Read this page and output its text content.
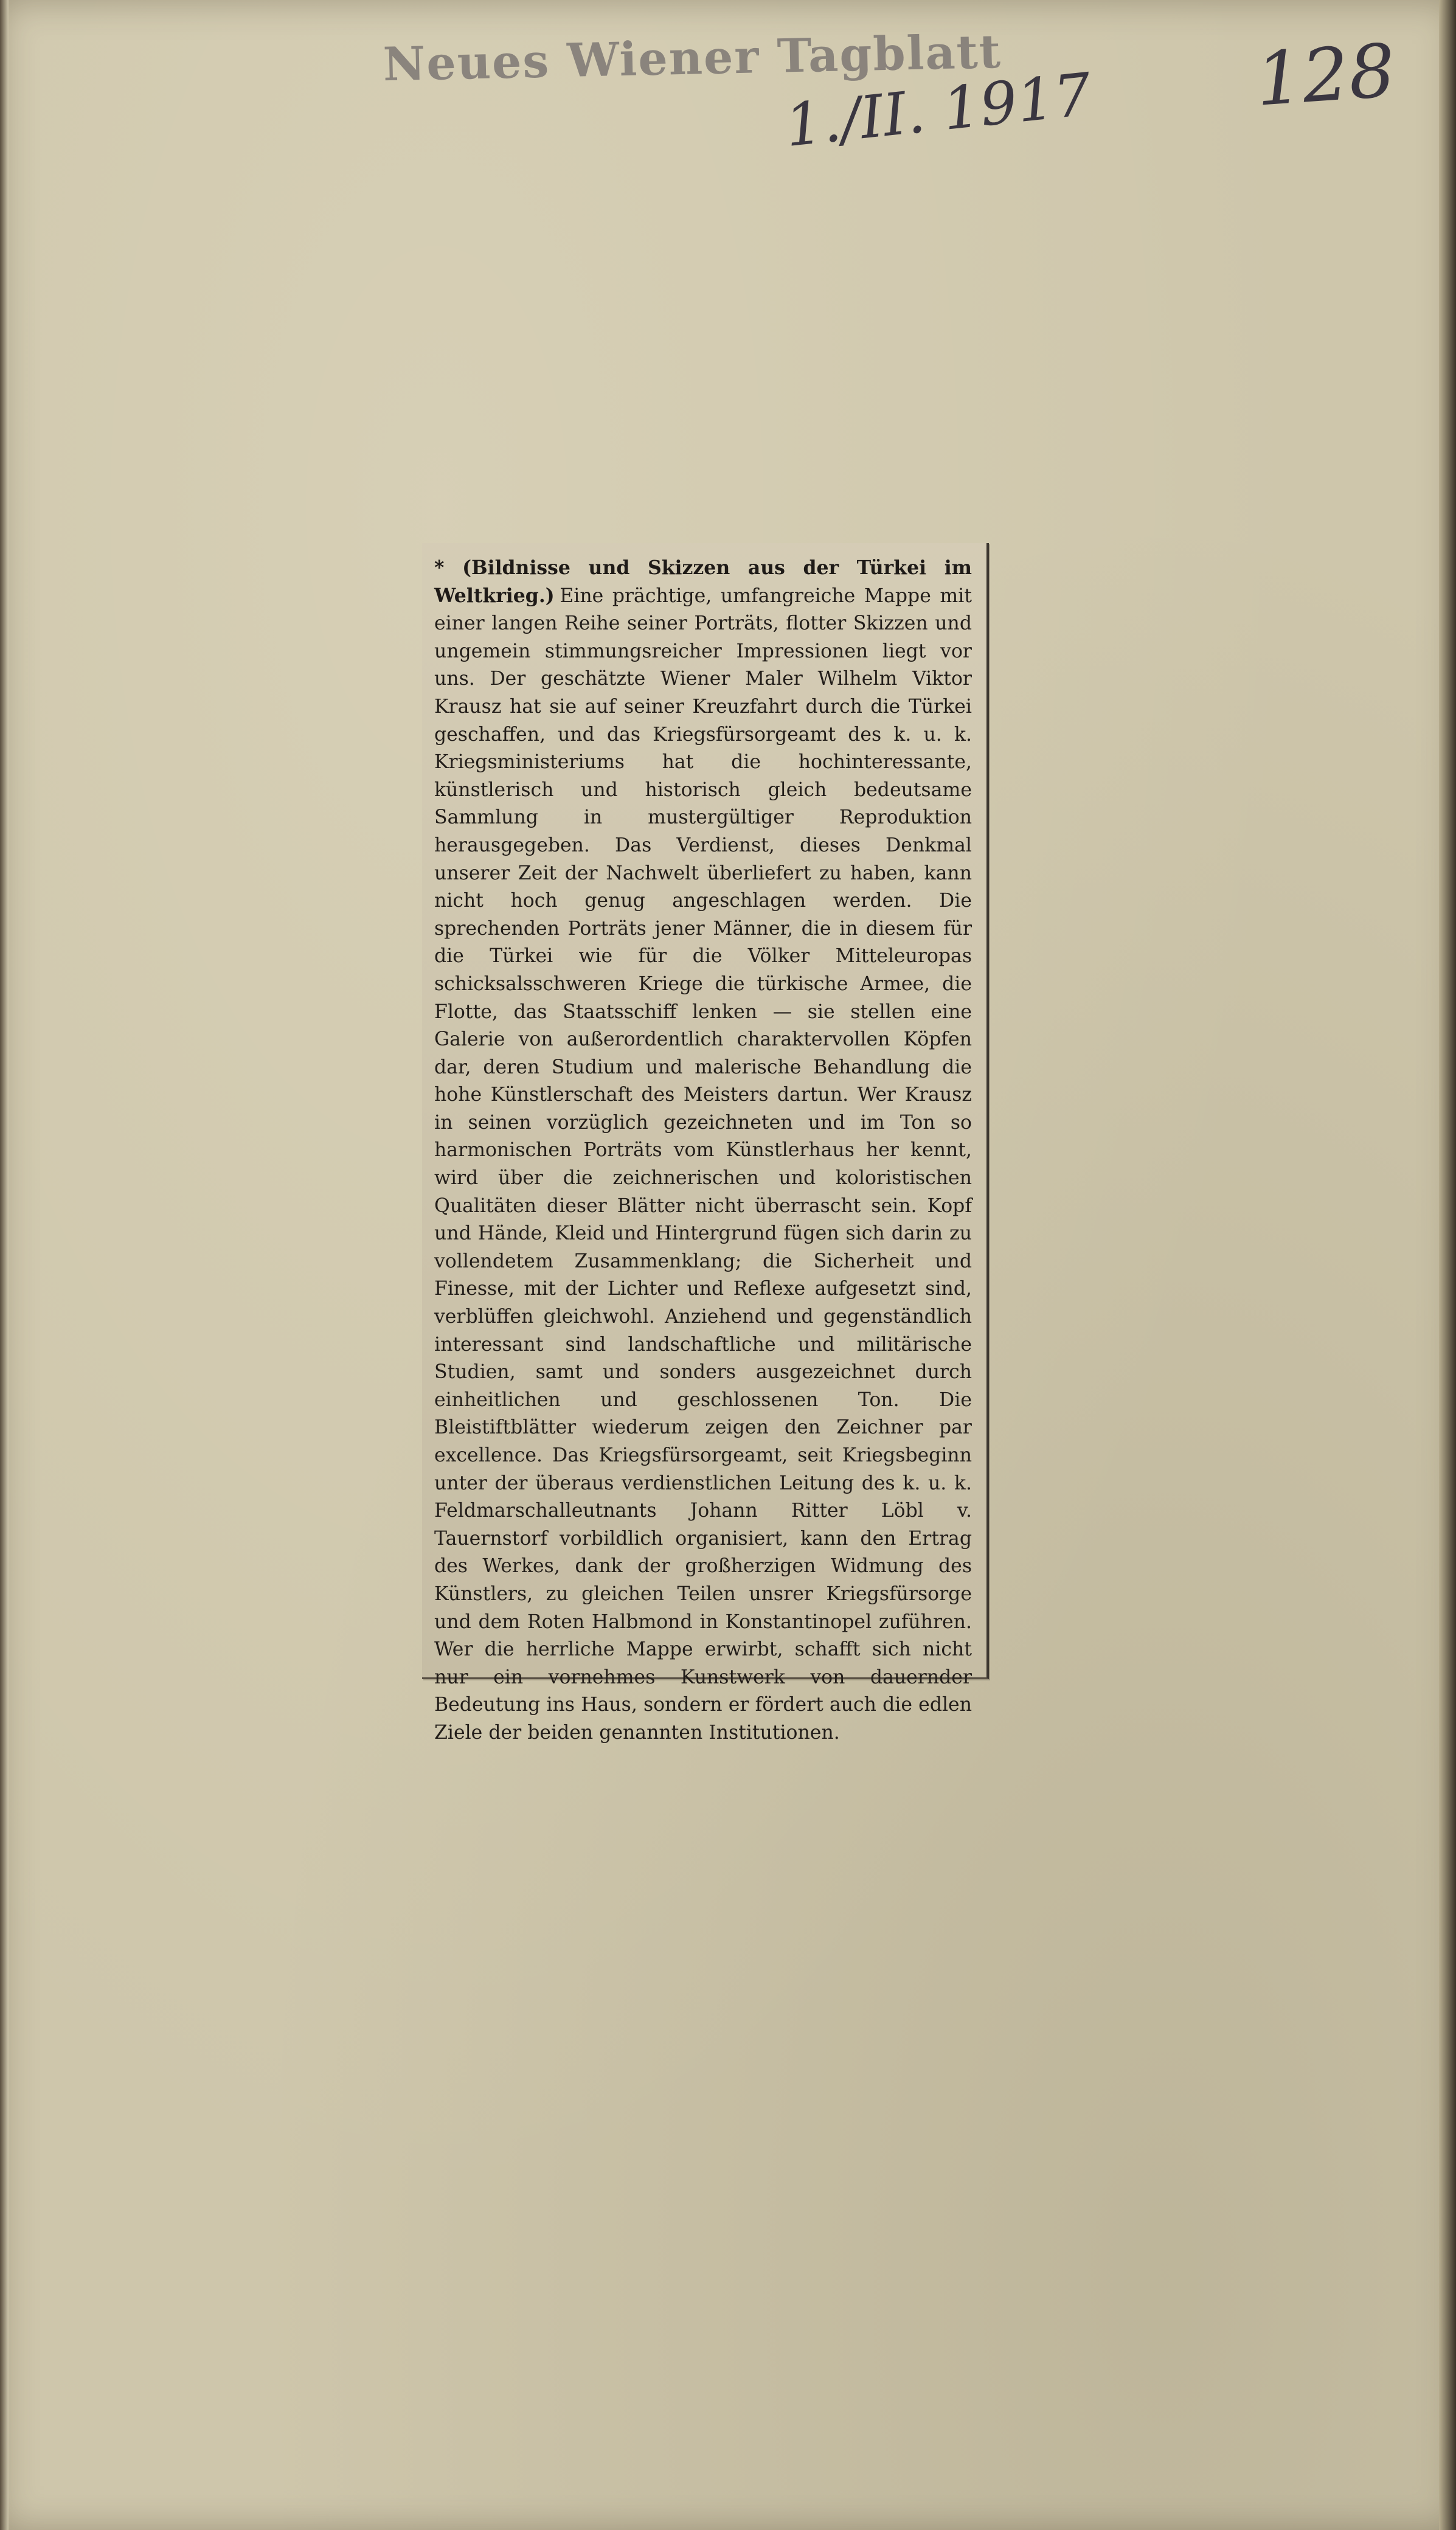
Neues Wiener Tagblatt
1./II. 1917 128

* (Bildnisse und Skizzen aus der Türkei im Weltkrieg.) Eine prächtige, umfangreiche Mappe mit einer langen Reihe seiner Porträts, flotter Skizzen und ungemein stimmungsreicher Impressionen liegt vor uns. Der geschätzte Wiener Maler Wilhelm Viktor Krausz hat sie auf seiner Kreuzfahrt durch die Türkei geschaffen, und das Kriegsfürsorgeamt des k. u. k. Kriegsministeriums hat die hochinteressante, künstlerisch und historisch gleich bedeutsame Sammlung in mustergültiger Reproduktion herausgegeben. Das Verdienst, dieses Denkmal unserer Zeit der Nachwelt überliefert zu haben, kann nicht hoch genug angeschlagen werden. Die sprechenden Porträts jener Männer, die in diesem für die Türkei wie für die Völker Mitteleuropas schicksalsschweren Kriege die türkische Armee, die Flotte, das Staatsschiff lenken — sie stellen eine Galerie von außerordentlich charaktervollen Köpfen dar, deren Studium und malerische Behandlung die hohe Künstlerschaft des Meisters dartun. Wer Krausz in seinen vorzüglich gezeichneten und im Ton so harmonischen Porträts vom Künstlerhaus her kennt, wird über die zeichnerischen und koloristischen Qualitäten dieser Blätter nicht überrascht sein. Kopf und Hände, Kleid und Hintergrund fügen sich darin zu vollendetem Zusammenklang; die Sicherheit und Finesse, mit der Lichter und Reflexe aufgesetzt sind, verblüffen gleichwohl. Anziehend und gegenständlich interessant sind landschaftliche und militärische Studien, samt und sonders ausgezeichnet durch einheitlichen und geschlossenen Ton. Die Bleistiftblätter wiederum zeigen den Zeichner par excellence. Das Kriegsfürsorgeamt, seit Kriegsbeginn unter der überaus verdienstlichen Leitung des k. u. k. Feldmarschalleutnants Johann Ritter Löbl v. Tauernstorf vorbildlich organisiert, kann den Ertrag des Werkes, dank der großherzigen Widmung des Künstlers, zu gleichen Teilen unsrer Kriegsfürsorge und dem Roten Halbmond in Konstantinopel zuführen. Wer die herrliche Mappe erwirbt, schafft sich nicht nur ein vornehmes Kunstwerk von dauernder Bedeutung ins Haus, sondern er fördert auch die edlen Ziele der beiden genannten Institutionen.
